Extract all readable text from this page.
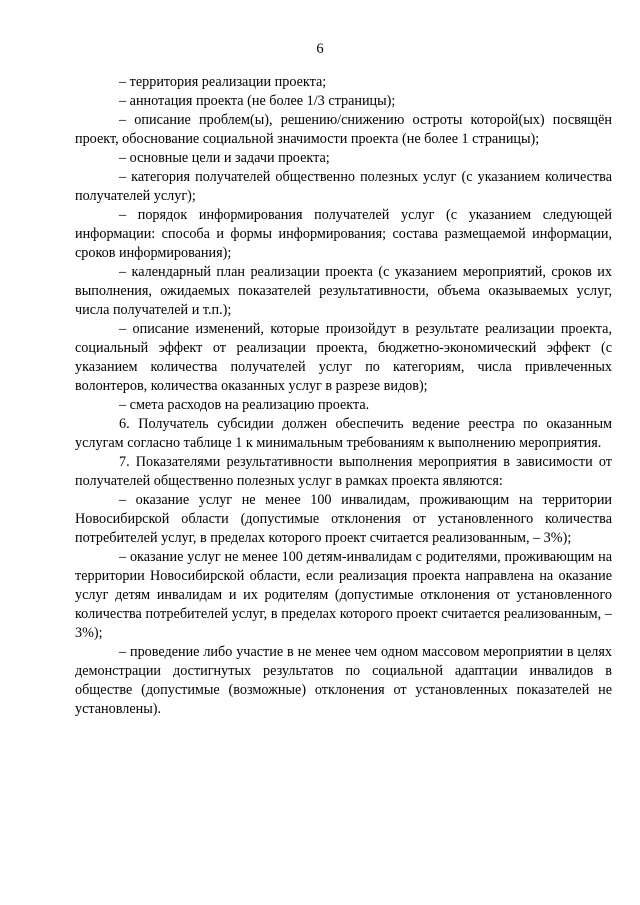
6

– территория реализации проекта;

– аннотация проекта (не более 1/3 страницы);

– описание проблем(ы), решению/снижению остроты которой(ых) посвящён проект, обоснование социальной значимости проекта (не более 1 страницы);

– основные цели и задачи проекта;

– категория получателей общественно полезных услуг (с указанием количества получателей услуг);

– порядок информирования получателей услуг (с указанием следующей информации: способа и формы информирования; состава размещаемой информации, сроков информирования);

– календарный план реализации проекта (с указанием мероприятий, сроков их выполнения, ожидаемых показателей результативности, объема оказываемых услуг, числа получателей и т.п.);

– описание изменений, которые произойдут в результате реализации проекта, социальный эффект от реализации проекта, бюджетно-экономический эффект (с указанием количества получателей услуг по категориям, числа привлеченных волонтеров, количества оказанных услуг в разрезе видов);

– смета расходов на реализацию проекта.

6. Получатель субсидии должен обеспечить ведение реестра по оказанным услугам согласно таблице 1 к минимальным требованиям к выполнению мероприятия.

7. Показателями результативности выполнения мероприятия в зависимости от получателей общественно полезных услуг в рамках проекта являются:

– оказание услуг не менее 100 инвалидам, проживающим на территории Новосибирской области (допустимые отклонения от установленного количества потребителей услуг, в пределах которого проект считается реализованным, – 3%);

– оказание услуг не менее 100 детям-инвалидам с родителями, проживающим на территории Новосибирской области, если реализация проекта направлена на оказание услуг детям инвалидам и их родителям (допустимые отклонения от установленного количества потребителей услуг, в пределах которого проект считается реализованным, – 3%);

– проведение либо участие в не менее чем одном массовом мероприятии в целях демонстрации достигнутых результатов по социальной адаптации инвалидов в обществе (допустимые (возможные) отклонения от установленных показателей не установлены).
